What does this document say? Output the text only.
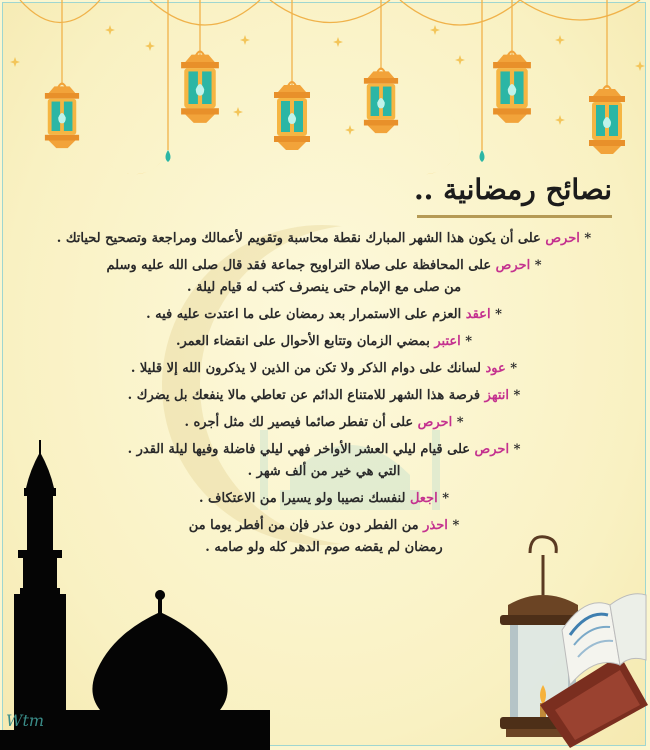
نصائح رمضانية ..

* احرص على أن يكون هذا الشهر المبارك نقطة محاسبة وتقويم لأعمالك ومراجعة وتصحيح لحياتك .

* احرص على المحافظة على صلاة التراويح جماعة فقد قال صلى الله عليه وسلم
من صلى مع الإمام حتى ينصرف كتب له قيام ليلة .

* اعقد العزم على الاستمرار بعد رمضان على ما اعتدت عليه فيه .

* اعتبر بمضي الزمان وتتابع الأحوال على انقضاء العمر.

* عود لسانك على دوام الذكر ولا تكن من الذين لا يذكرون الله إلا قليلا .

* انتهز فرصة هذا الشهر للامتناع الدائم عن تعاطي مالا ينفعك بل يضرك .

* احرص على أن تفطر صائما فيصير لك مثل أجره .

* احرص على قيام ليلي العشر الأواخر فهي ليلي فاضلة وفيها ليلة القدر .
التي هي خير من ألف شهر .

* اجعل لنفسك نصيبا ولو يسيرا من الاعتكاف .

* احذر من الفطر دون عذر فإن من أفطر يوما من
رمضان لم يقضه صوم الدهر كله ولو صامه .

Wtm
